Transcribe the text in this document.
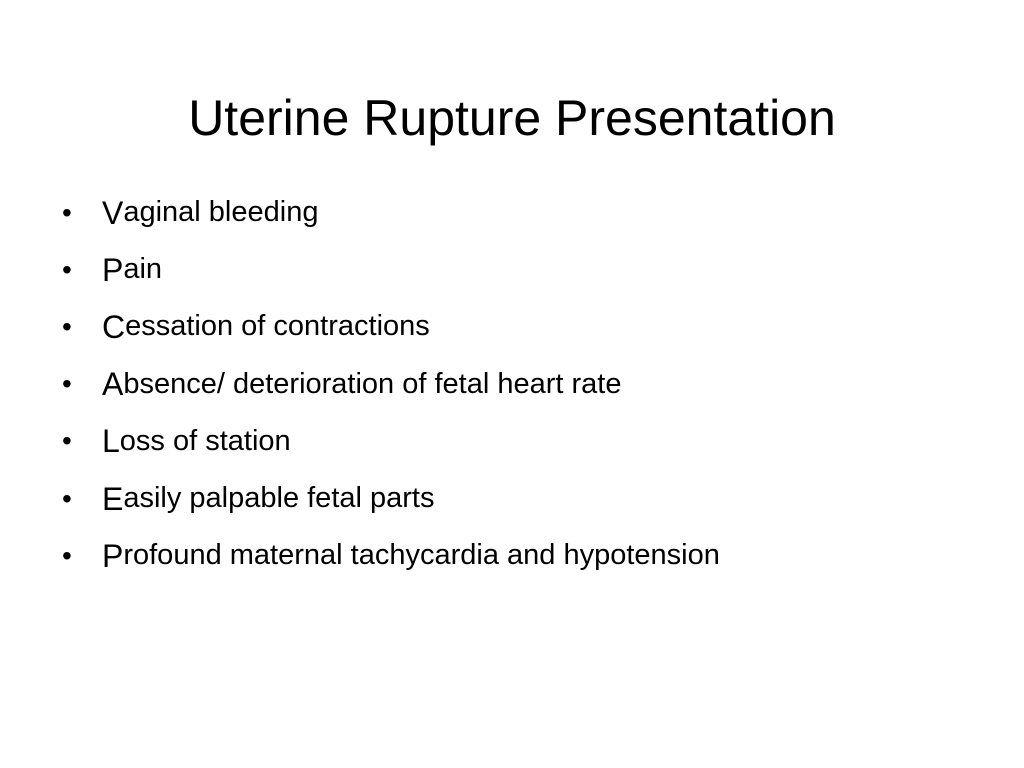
Uterine Rupture Presentation
• V aginal bleeding
• P ain
• C essation of contractions
• A bsence/ deterioration of fetal heart rate
• L oss of station
• E asily palpable fetal parts
• P rofound maternal tachycardia and hypotension
